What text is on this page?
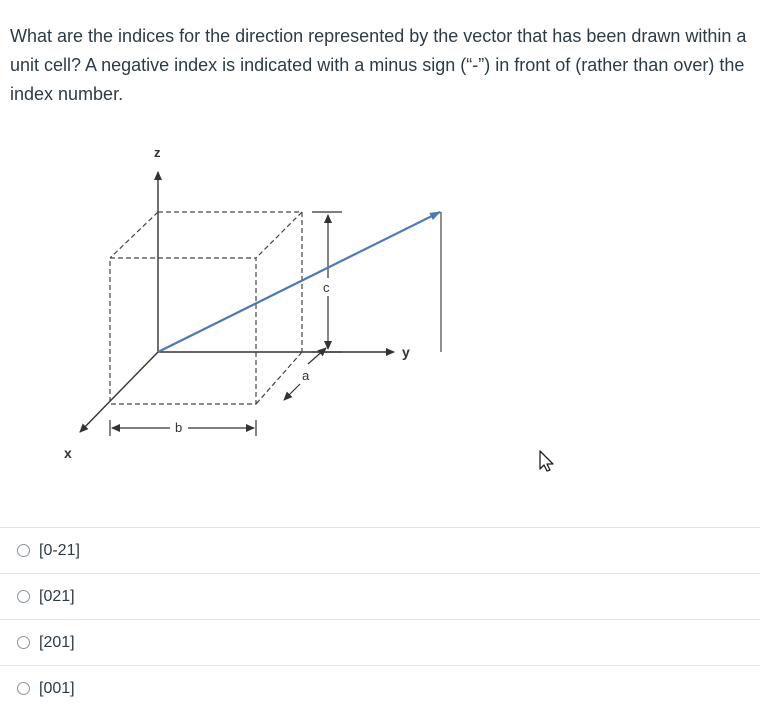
What are the indices for the direction represented by the vector that has been drawn within a unit cell? A negative index is indicated with a minus sign (“-”) in front of (rather than over) the index number.

b
c
a
z
y
x
[0-21]
[021]
[201]
[001]
